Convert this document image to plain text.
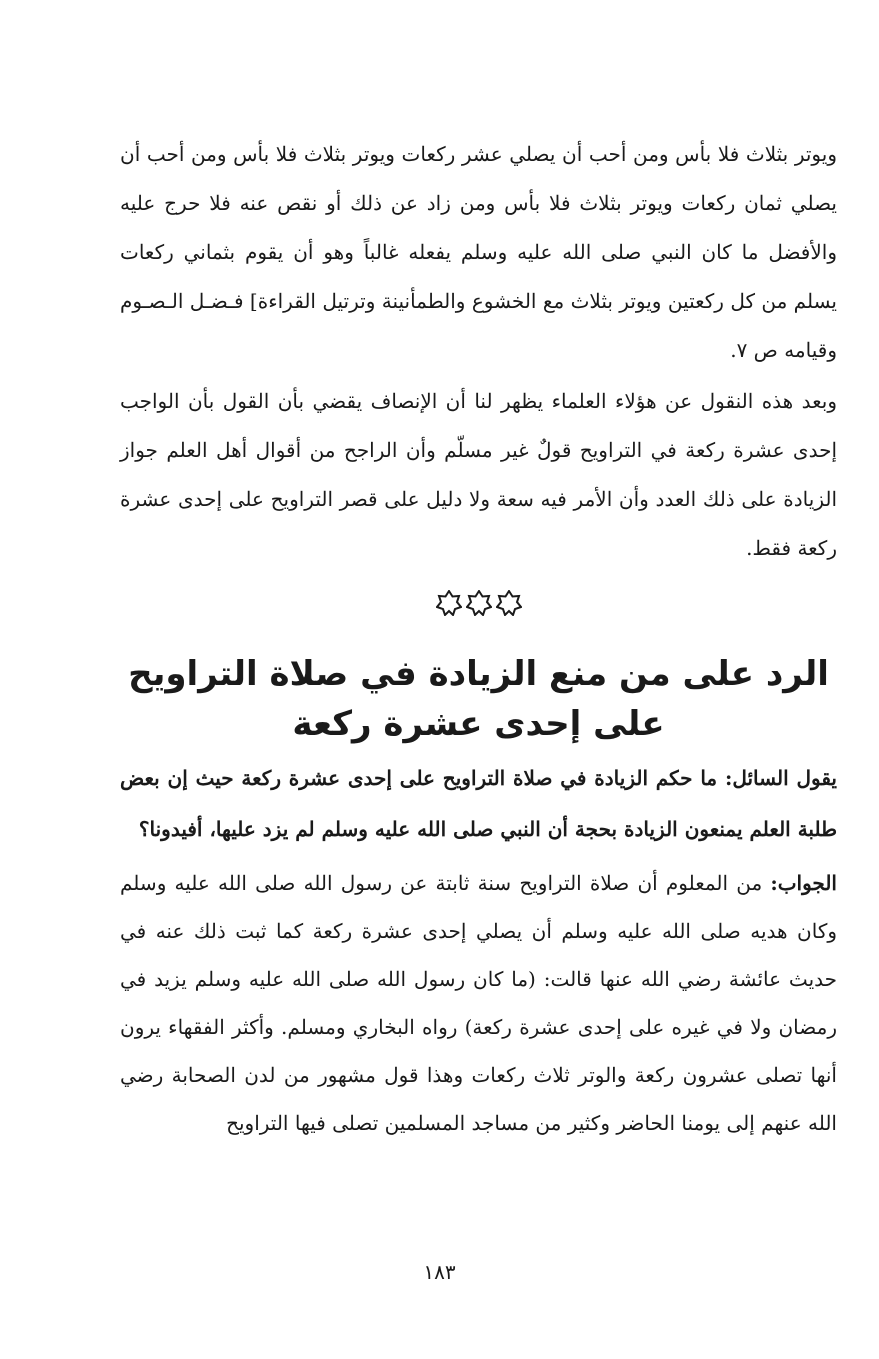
ويوتر بثلاث فلا بأس ومن أحب أن يصلي عشر ركعات ويوتر بثلاث فلا بأس ومن أحب أن يصلي ثمان ركعات ويوتر بثلاث فلا بأس ومن زاد عن ذلك أو نقص عنه فلا حرج عليه والأفضل ما كان النبي صلى الله عليه وسلم يفعله غالباً وهو أن يقوم بثماني ركعات يسلم من كل ركعتين ويوتر بثلاث مع الخشوع والطمأنينة وترتيل القراءة] فـضـل الـصـوم وقيامه ص ٧.

وبعد هذه النقول عن هؤلاء العلماء يظهر لنا أن الإنصاف يقضي بأن القول بأن الواجب إحدى عشرة ركعة في التراويح قولٌ غير مسلّم وأن الراجح من أقوال أهل العلم جواز الزيادة على ذلك العدد وأن الأمر فيه سعة ولا دليل على قصر التراويح على إحدى عشرة ركعة فقط.

الرد على من منع الزيادة في صلاة التراويح على إحدى عشرة ركعة

يقول السائل: ما حكم الزيادة في صلاة التراويح على إحدى عشرة ركعة حيث إن بعض طلبة العلم يمنعون الزيادة بحجة أن النبي صلى الله عليه وسلم لم يزد عليها، أفيدونا؟

الجواب: من المعلوم أن صلاة التراويح سنة ثابتة عن رسول الله صلى الله عليه وسلم وكان هديه صلى الله عليه وسلم أن يصلي إحدى عشرة ركعة كما ثبت ذلك عنه في حديث عائشة رضي الله عنها قالت: (ما كان رسول الله صلى الله عليه وسلم يزيد في رمضان ولا في غيره على إحدى عشرة ركعة) رواه البخاري ومسلم. وأكثر الفقهاء يرون أنها تصلى عشرون ركعة والوتر ثلاث ركعات وهذا قول مشهور من لدن الصحابة رضي الله عنهم إلى يومنا الحاضر وكثير من مساجد المسلمين تصلى فيها التراويح

١٨٣
